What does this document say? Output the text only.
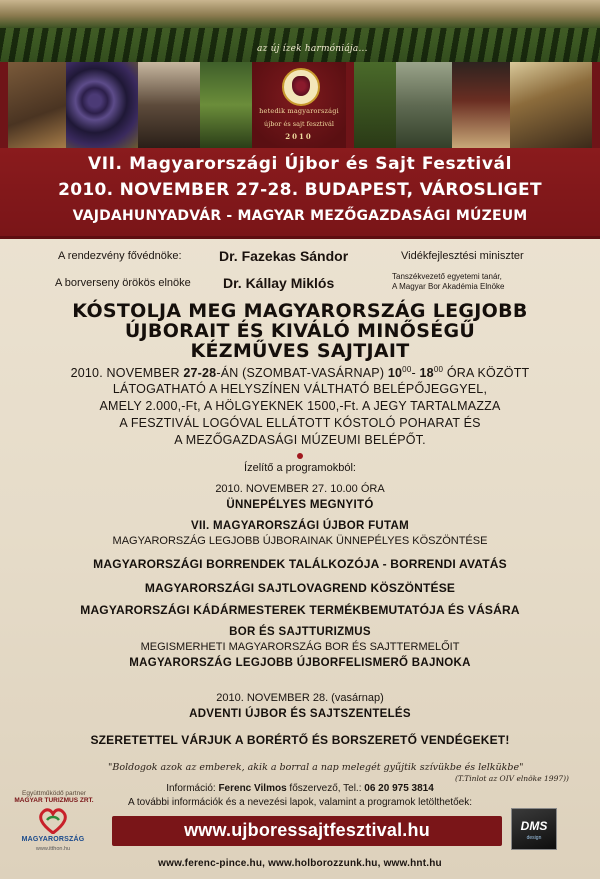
az új ízek harmóniája...
hetedik magyarországi
újbor és sajt fesztivál
2010
VII. Magyarországi Újbor és Sajt Fesztivál
2010. NOVEMBER 27-28. BUDAPEST, VÁROSLIGET
VAJDAHUNYADVÁR - MAGYAR MEZŐGAZDASÁGI MÚZEUM
A rendezvény fővédnöke:	Dr. Fazekas Sándor	Vidékfejlesztési miniszter
A borverseny örökös elnöke Dr. Kállay Miklós	Tanszékvezető egyetemi tanár,
A Magyar Bor Akadémia Elnöke
KÓSTOLJA MEG MAGYARORSZÁG LEGJOBB
ÚJBORAIT ÉS KIVÁLÓ MINŐSÉGŰ
KÉZMŰVES SAJTJAIT
2010. NOVEMBER 27-28-ÁN (SZOMBAT-VASÁRNAP) $10^{00}-$ $18^{00}$ ÓRA KÖZÖTT
LÁTOGATHATÓ A HELYSZÍNEN VÁLTHATÓ BELÉPŐJEGGYEL,
AMELY 2.000,-Ft, A HÖLGYEKNEK 1500,-Ft. A JEGY TARTALMAZZA
A FESZTIVÁL LOGÓVAL ELLÁTOTT KÓSTOLÓ POHARAT ÉS
A MEZŐGAZDASÁGI MÚZEUMI BELÉPŐT.
Ízelítő a programokból:
2010. NOVEMBER 27. 10.00 ÓRA
ÜNNEPÉLYES MEGNYITÓ
VII. MAGYARORSZÁGI ÚJBOR FUTAM
MAGYARORSZÁG LEGJOBB ÚJBORAINAK ÜNNEPÉLYES KÖSZÖNTÉSE
MAGYARORSZÁGI BORRENDEK TALÁLKOZÓJA - BORRENDI AVATÁS
MAGYARORSZÁGI SAJTLOVAGREND KÖSZÖNTÉSE
MAGYARORSZÁGI KÁDÁRMESTEREK TERMÉKBEMUTATÓJA ÉS VÁSÁRA
BOR ÉS SAJTTURIZMUS
MEGISMERHETI MAGYARORSZÁG BOR ÉS SAJTTERMELŐIT
MAGYARORSZÁG LEGJOBB ÚJBORFELISMERŐ BAJNOKA
2010. NOVEMBER 28. (vasárnap)
ADVENTI ÚJBOR ÉS SAJTSZENTELÉS
SZERETETTEL VÁRJUK A BORÉRTŐ ÉS BORSZERETŐ VENDÉGEKET!
"Boldogok azok az emberek, akik a borral a nap melegét gyűjtik szívükbe és lelkükbe"
(T.Tinlot az OIV elnöke 1997))
Információ: Ferenc Vilmos főszervező, Tel.: 06 20 975 3814
A további információk és a nevezési lapok, valamint a programok letölthetőek:
Együttműködő partner
MAGYAR TURIZMUS ZRT.
MAGYARORSZÁG
www.itthon.hu
www.ujboressajtfesztival.hu	DMS
design
www.ferenc-pince.hu, www.holborozzunk.hu, www.hnt.hu
